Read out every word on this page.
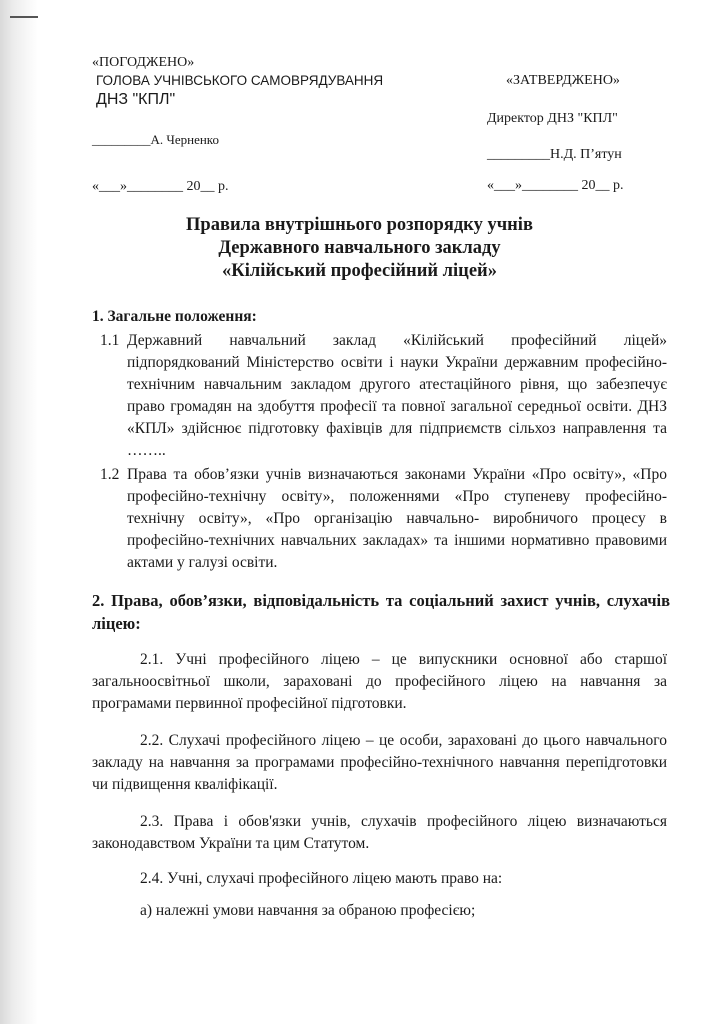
«ПОГОДЖЕНО»
ГОЛОВА УЧНІВСЬКОГО САМОВРЯДУВАННЯ
ДНЗ "КПЛ"
_________А. Черненко
«___»________ 20__ р.
«ЗАТВЕРДЖЕНО»
Директор ДНЗ "КПЛ"
_________Н.Д. П’ятун
«___»________ 20__ р.
Правила внутрішнього розпорядку учнів
Державного навчального закладу
«Кілійський професійний ліцей»
1. Загальне положення:
1.1 Державний навчальний заклад «Кілійський професійний ліцей» підпорядкований Міністерство освіти і науки України державним професійно-технічним навчальним закладом другого атестаційного рівня, що забезпечує право громадян на здобуття професії та повної загальної середньої освіти. ДНЗ «КПЛ» здійснює підготовку фахівців для підприємств сільхоз направлення та ……..
1.2 Права та обов’язки учнів визначаються законами України «Про освіту», «Про професійно-технічну освіту», положеннями «Про ступеневу професійно-технічну освіту», «Про організацію навчально- виробничого процесу в професійно-технічних навчальних закладах» та іншими нормативно правовими актами у галузі освіти.
2. Права, обов’язки, відповідальність та соціальний захист учнів, слухачів ліцею:
2.1. Учні професійного ліцею – це випускники основної або старшої загальноосвітньої школи, зараховані до професійного ліцею на навчання за програмами первинної професійної підготовки.
2.2. Слухачі професійного ліцею – це особи, зараховані до цього навчального закладу на навчання за програмами професійно-технічного навчання перепідготовки чи підвищення кваліфікації.
2.3. Права і обов'язки учнів, слухачів професійного ліцею визначаються законодавством України та цим Статутом.
2.4. Учні, слухачі професійного ліцею мають право на:
а) належні умови навчання за обраною професією;
